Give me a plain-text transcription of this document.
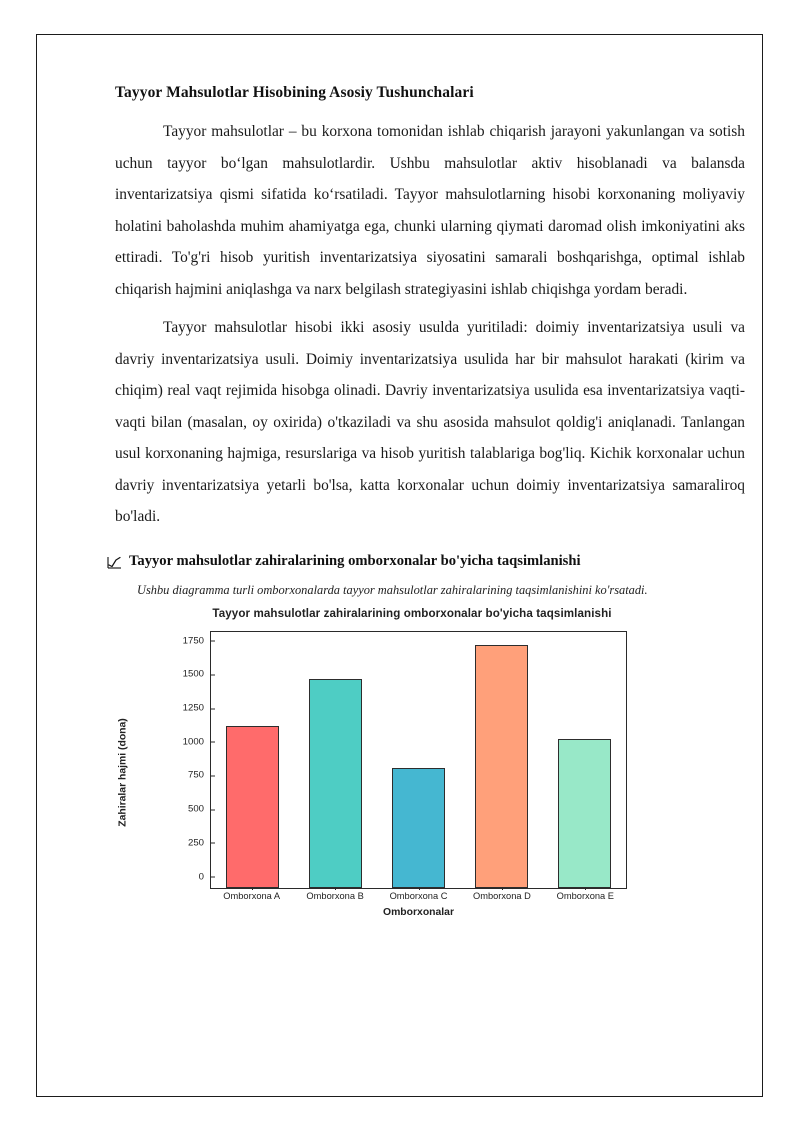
Tayyor Mahsulotlar Hisobining Asosiy Tushunchalari

Tayyor mahsulotlar – bu korxona tomonidan ishlab chiqarish jarayoni yakunlangan va sotish uchun tayyor bo‘lgan mahsulotlardir. Ushbu mahsulotlar aktiv hisoblanadi va balansda inventarizatsiya qismi sifatida ko‘rsatiladi. Tayyor mahsulotlarning hisobi korxonaning moliyaviy holatini baholashda muhim ahamiyatga ega, chunki ularning qiymati daromad olish imkoniyatini aks ettiradi. To'g'ri hisob yuritish inventarizatsiya siyosatini samarali boshqarishga, optimal ishlab chiqarish hajmini aniqlashga va narx belgilash strategiyasini ishlab chiqishga yordam beradi.

Tayyor mahsulotlar hisobi ikki asosiy usulda yuritiladi: doimiy inventarizatsiya usuli va davriy inventarizatsiya usuli. Doimiy inventarizatsiya usulida har bir mahsulot harakati (kirim va chiqim) real vaqt rejimida hisobga olinadi. Davriy inventarizatsiya usulida esa inventarizatsiya vaqti-vaqti bilan (masalan, oy oxirida) o'tkaziladi va shu asosida mahsulot qoldig'i aniqlanadi. Tanlangan usul korxonaning hajmiga, resurslariga va hisob yuritish talablariga bog'liq. Kichik korxonalar uchun davriy inventarizatsiya yetarli bo'lsa, katta korxonalar uchun doimiy inventarizatsiya samaraliroq bo'ladi.

Tayyor mahsulotlar zahiralarining omborxonalar bo'yicha taqsimlanishi
Ushbu diagramma turli omborxonalarda tayyor mahsulotlar zahiralarining taqsimlanishini ko'rsatadi.
Tayyor mahsulotlar zahiralarining omborxonalar bo'yicha taqsimlanishi
Zahiralar hajmi (dona)
0
250
500
750
1000
1250
1500
1750
Omborxona A	Omborxona B	Omborxona C	Omborxona D	Omborxona E
Omborxonalar
